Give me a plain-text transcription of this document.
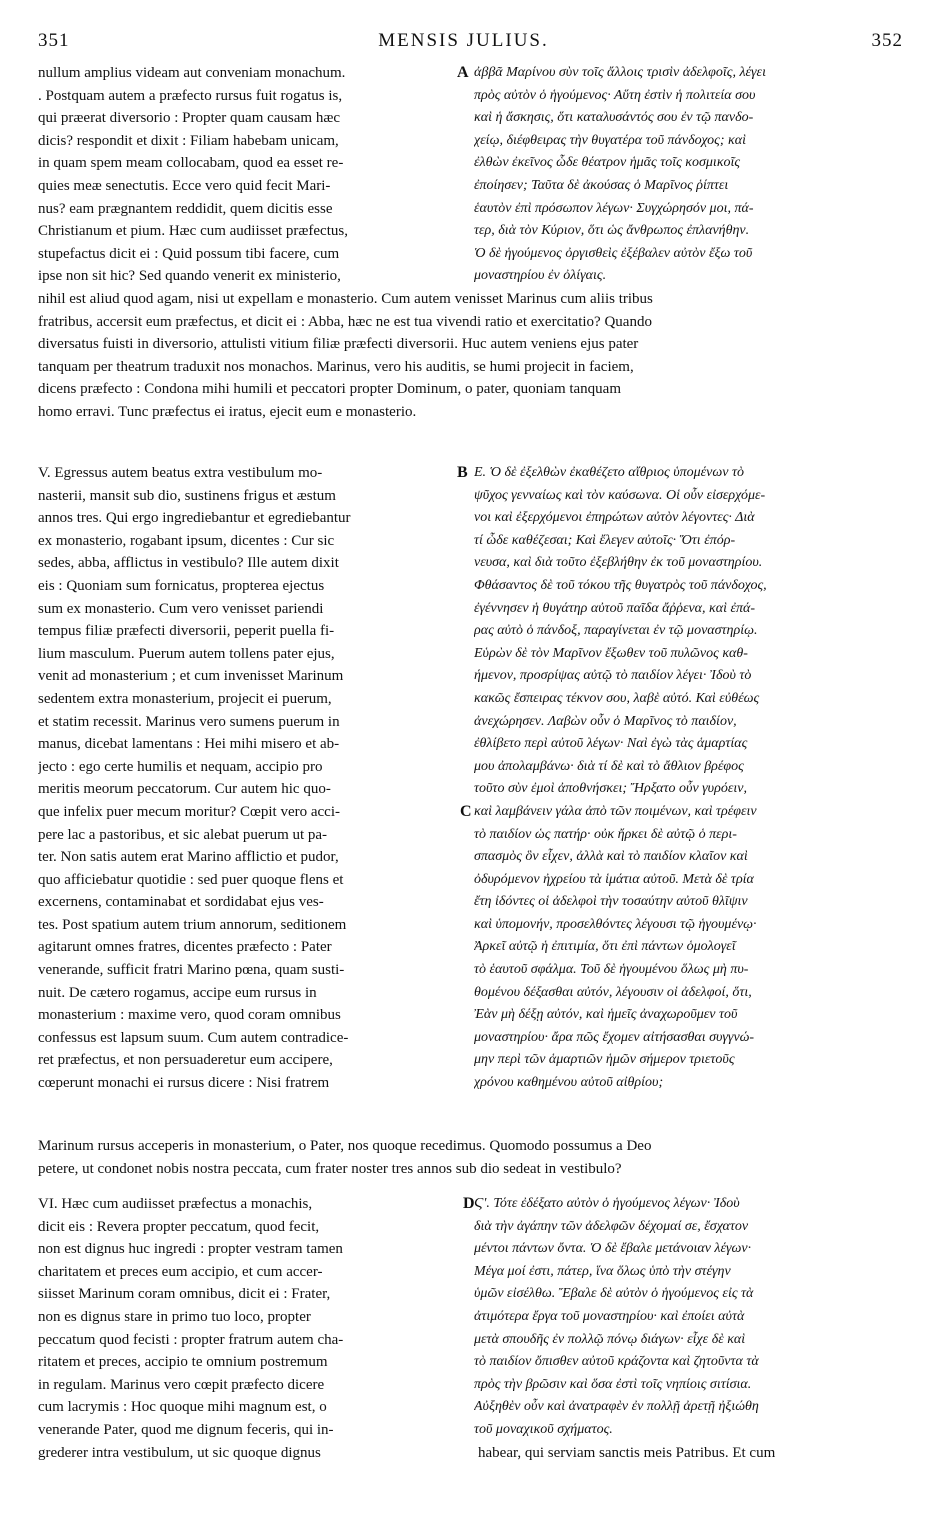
351	MENSIS JULIUS.	352
nullum amplius videam aut conveniam monachum.
. Postquam autem a præfecto rursus fuit rogatus is,
qui præerat diversorio : Propter quam causam hæc
dicis? respondit et dixit : Filiam habebam unicam,
in quam spem meam collocabam, quod ea esset re-
quies meæ senectutis. Ecce vero quid fecit Mari-
nus? eam prægnantem reddidit, quem dicitis esse
Christianum et pium. Hæc cum audiisset præfectus,
stupefactus dicit ei : Quid possum tibi facere, cum
ipse non sit hic? Sed quando venerit ex ministerio,
ἀββᾶ Μαρίνου σὺν τοῖς ἄλλοις τρισὶν ἀδελφοῖς, λέγει
πρὸς αὐτὸν ὁ ἡγούμενος· Αὕτη ἐστὶν ἡ πολιτεία σου
καὶ ἡ ἄσκησις, ὅτι καταλυσάντός σου ἐν τῷ πανδο-
χείῳ, διέφθειρας τὴν θυγατέρα τοῦ πάνδοχος; καὶ
ἐλθὼν ἐκεῖνος ὧδε θέατρον ἡμᾶς τοῖς κοσμικοῖς
ἐποίησεν; Ταῦτα δὲ ἀκούσας ὁ Μαρῖνος ῥίπτει
ἑαυτὸν ἐπὶ πρόσωπον λέγων· Συγχώρησόν μοι, πά-
τερ, διὰ τὸν Κύριον, ὅτι ὡς ἄνθρωπος ἐπλανήθην.
Ὁ δὲ ἡγούμενος ὀργισθεὶς ἐξέβαλεν αὐτὸν ἔξω τοῦ
μοναστηρίου ἐν ὀλίγαις.
A
nihil est aliud quod agam, nisi ut expellam e monasterio. Cum autem venisset Marinus cum aliis tribus
fratribus, accersit eum præfectus, et dicit ei : Abba, hæc ne est tua vivendi ratio et exercitatio? Quando
diversatus fuisti in diversorio, attulisti vitium filiæ præfecti diversorii. Huc autem veniens ejus pater
tanquam per theatrum traduxit nos monachos. Marinus, vero his auditis, se humi projecit in faciem,
dicens præfecto : Condona mihi humili et peccatori propter Dominum, o pater, quoniam tanquam
homo erravi. Tunc præfectus ei iratus, ejecit eum e monasterio.
V. Egressus autem beatus extra vestibulum mo-
nasterii, mansit sub dio, sustinens frigus et æstum
annos tres. Qui ergo ingrediebantur et egrediebantur
ex monasterio, rogabant ipsum, dicentes : Cur sic
sedes, abba, afflictus in vestibulo? Ille autem dixit
eis : Quoniam sum fornicatus, propterea ejectus
sum ex monasterio. Cum vero venisset pariendi
tempus filiæ præfecti diversorii, peperit puella fi-
lium masculum. Puerum autem tollens pater ejus,
venit ad monasterium ; et cum invenisset Marinum
sedentem extra monasterium, projecit ei puerum,
et statim recessit. Marinus vero sumens puerum in
manus, dicebat lamentans : Hei mihi misero et ab-
jecto : ego certe humilis et nequam, accipio pro
meritis meorum peccatorum. Cur autem hic quo-
que infelix puer mecum moritur? Cœpit vero acci-
pere lac a pastoribus, et sic alebat puerum ut pa-
ter. Non satis autem erat Marino afflictio et pudor,
quo afficiebatur quotidie : sed puer quoque flens et
excernens, contaminabat et sordidabat ejus ves-
tes. Post spatium autem trium annorum, seditionem
agitarunt omnes fratres, dicentes præfecto : Pater
venerande, sufficit fratri Marino pœna, quam susti-
nuit. De cætero rogamus, accipe eum rursus in
monasterium : maxime vero, quod coram omnibus
confessus est lapsum suum. Cum autem contradice-
ret præfectus, et non persuaderetur eum accipere,
cœperunt monachi ei rursus dicere : Nisi fratrem
Ε. Ὁ δὲ ἐξελθὼν ἐκαθέζετο αἴθριος ὑπομένων τὸ
ψῦχος γενναίως καὶ τὸν καύσωνα. Οἱ οὖν εἰσερχόμε-
νοι καὶ ἐξερχόμενοι ἐπηρώτων αὐτὸν λέγοντες· Διὰ
τί ὧδε καθέζεσαι; Καὶ ἔλεγεν αὐτοῖς· Ὅτι ἐπόρ-
νευσα, καὶ διὰ τοῦτο ἐξεβλήθην ἐκ τοῦ μοναστηρίου.
Φθάσαντος δὲ τοῦ τόκου τῆς θυγατρὸς τοῦ πάνδοχος,
ἐγέννησεν ἡ θυγάτηρ αὐτοῦ παῖδα ἄῤῥενα, καὶ ἐπά-
ρας αὐτὸ ὁ πάνδοξ, παραγίνεται ἐν τῷ μοναστηρίῳ.
Εὑρὼν δὲ τὸν Μαρῖνον ἔξωθεν τοῦ πυλῶνος καθ-
ήμενον, προσρίψας αὐτῷ τὸ παιδίον λέγει· Ἰδοὺ τὸ
κακῶς ἔσπειρας τέκνον σου, λαβὲ αὐτό. Καὶ εὐθέως
ἀνεχώρησεν. Λαβὼν οὖν ὁ Μαρῖνος τὸ παιδίον,
ἐθλίβετο περὶ αὐτοῦ λέγων· Ναὶ ἐγὼ τὰς ἁμαρτίας
μου ἀπολαμβάνω· διὰ τί δὲ καὶ τὸ ἄθλιον βρέφος
τοῦτο σὺν ἐμοὶ ἀποθνήσκει; Ἤρξατο οὖν γυρόειν,
καὶ λαμβάνειν γάλα ἀπὸ τῶν ποιμένων, καὶ τρέφειν
τὸ παιδίον ὡς πατήρ· οὐκ ἤρκει δὲ αὐτῷ ὁ περι-
σπασμὸς ὃν εἶχεν, ἀλλὰ καὶ τὸ παιδίον κλαῖον καὶ
ὀδυρόμενον ἠχρείου τὰ ἱμάτια αὐτοῦ. Μετὰ δὲ τρία
ἔτη ἰδόντες οἱ ἀδελφοὶ τὴν τοσαύτην αὐτοῦ θλῖψιν
καὶ ὑπομονήν, προσελθόντες λέγουσι τῷ ἡγουμένῳ·
Ἀρκεῖ αὐτῷ ἡ ἐπιτιμία, ὅτι ἐπὶ πάντων ὁμολογεῖ
τὸ ἑαυτοῦ σφάλμα. Τοῦ δὲ ἡγουμένου ὅλως μὴ πυ-
θομένου δέξασθαι αὐτόν, λέγουσιν οἱ ἀδελφοί, ὅτι,
Ἐὰν μὴ δέξῃ αὐτόν, καὶ ἡμεῖς ἀναχωροῦμεν τοῦ
μοναστηρίου· ἄρα πῶς ἔχομεν αἰτήσασθαι συγγνώ-
μην περὶ τῶν ἁμαρτιῶν ἡμῶν σήμερον τριετοῦς
χρόνου καθημένου αὐτοῦ αἰθρίου;
B
C
Marinum rursus acceperis in monasterium, o Pater, nos quoque recedimus. Quomodo possumus a Deo
petere, ut condonet nobis nostra peccata, cum frater noster tres annos sub dio sedeat in vestibulo?
VI. Hæc cum audiisset præfectus a monachis,
dicit eis : Revera propter peccatum, quod fecit,
non est dignus huc ingredi : propter vestram tamen
charitatem et preces eum accipio, et cum accer-
siisset Marinum coram omnibus, dicit ei : Frater,
non es dignus stare in primo tuo loco, propter
peccatum quod fecisti : propter fratrum autem cha-
ritatem et preces, accipio te omnium postremum
in regulam. Marinus vero cœpit præfecto dicere
cum lacrymis : Hoc quoque mihi magnum est, o
venerande Pater, quod me dignum feceris, qui in-
grederer intra vestibulum, ut sic quoque dignus
Ϛ'. Τότε ἐδέξατο αὐτὸν ὁ ἡγούμενος λέγων· Ἰδοὺ
διὰ τὴν ἀγάπην τῶν ἀδελφῶν δέχομαί σε, ἔσχατον
μέντοι πάντων ὄντα. Ὁ δὲ ἔβαλε μετάνοιαν λέγων·
Μέγα μοί ἐστι, πάτερ, ἵνα ὅλως ὑπὸ τὴν στέγην
ὑμῶν εἰσέλθω. Ἔβαλε δὲ αὐτὸν ὁ ἡγούμενος εἰς τὰ
ἀτιμότερα ἔργα τοῦ μοναστηρίου· καὶ ἐποίει αὐτὰ
μετὰ σπουδῆς ἐν πολλῷ πόνῳ διάγων· εἶχε δὲ καὶ
τὸ παιδίον ὄπισθεν αὐτοῦ κράζοντα καὶ ζητοῦντα τὰ
πρὸς τὴν βρῶσιν καὶ ὅσα ἐστὶ τοῖς νηπίοις σιτίσια.
Αὐξηθὲν οὖν καὶ ἀνατραφὲν ἐν πολλῇ ἀρετῇ ἠξιώθη
τοῦ μοναχικοῦ σχήματος.
D
habear, qui serviam sanctis meis Patribus. Et cum
